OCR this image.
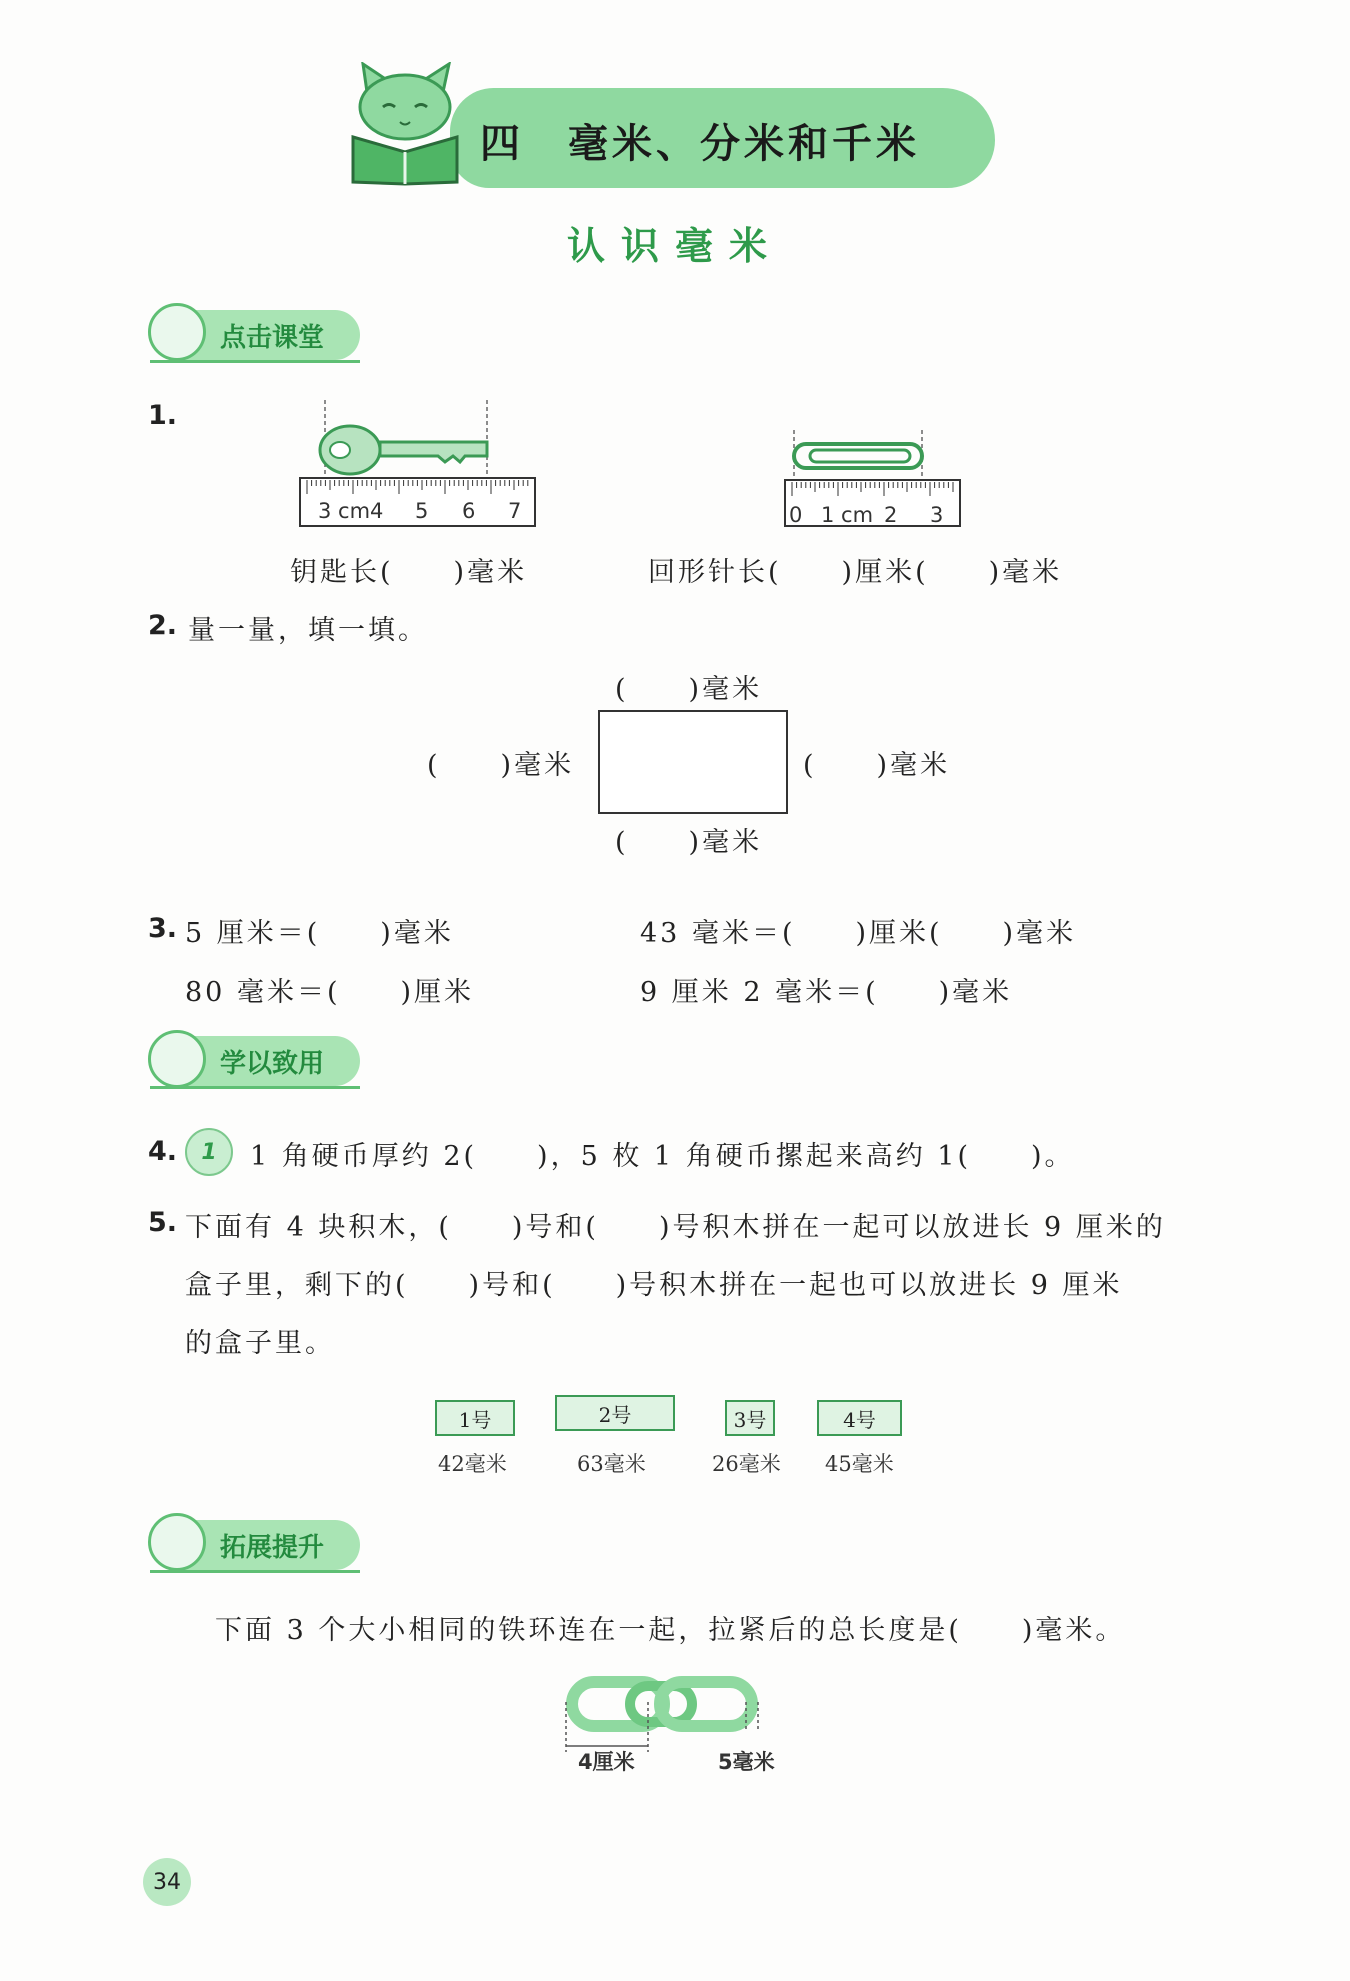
四　毫米、分米和千米
认识毫米
点击课堂
1.
3 cm4 5 6 7	0 1 cm 2 3
钥匙长(　　)毫米	回形针长(　　)厘米(　　)毫米
2. 量一量，填一填。
(　　)毫米
(　　)毫米	(　　)毫米
(　　)毫米
3. 5 厘米＝(　　)毫米	43 毫米＝(　　)厘米(　　)毫米
80 毫米＝(　　)厘米	9 厘米 2 毫米＝(　　)毫米
学以致用
4.	1	1 角硬币厚约 2(　　)，5 枚 1 角硬币摞起来高约 1(　　)。
5. 下面有 4 块积木，(　　)号和(　　)号积木拼在一起可以放进长 9 厘米的
盒子里，剩下的(　　)号和(　　)号积木拼在一起也可以放进长 9 厘米
的盒子里。
1号	2号	3号	4号
42毫米	63毫米	26毫米 45毫米
拓展提升
下面 3 个大小相同的铁环连在一起，拉紧后的总长度是(　　)毫米。
4厘米	5毫米
34
